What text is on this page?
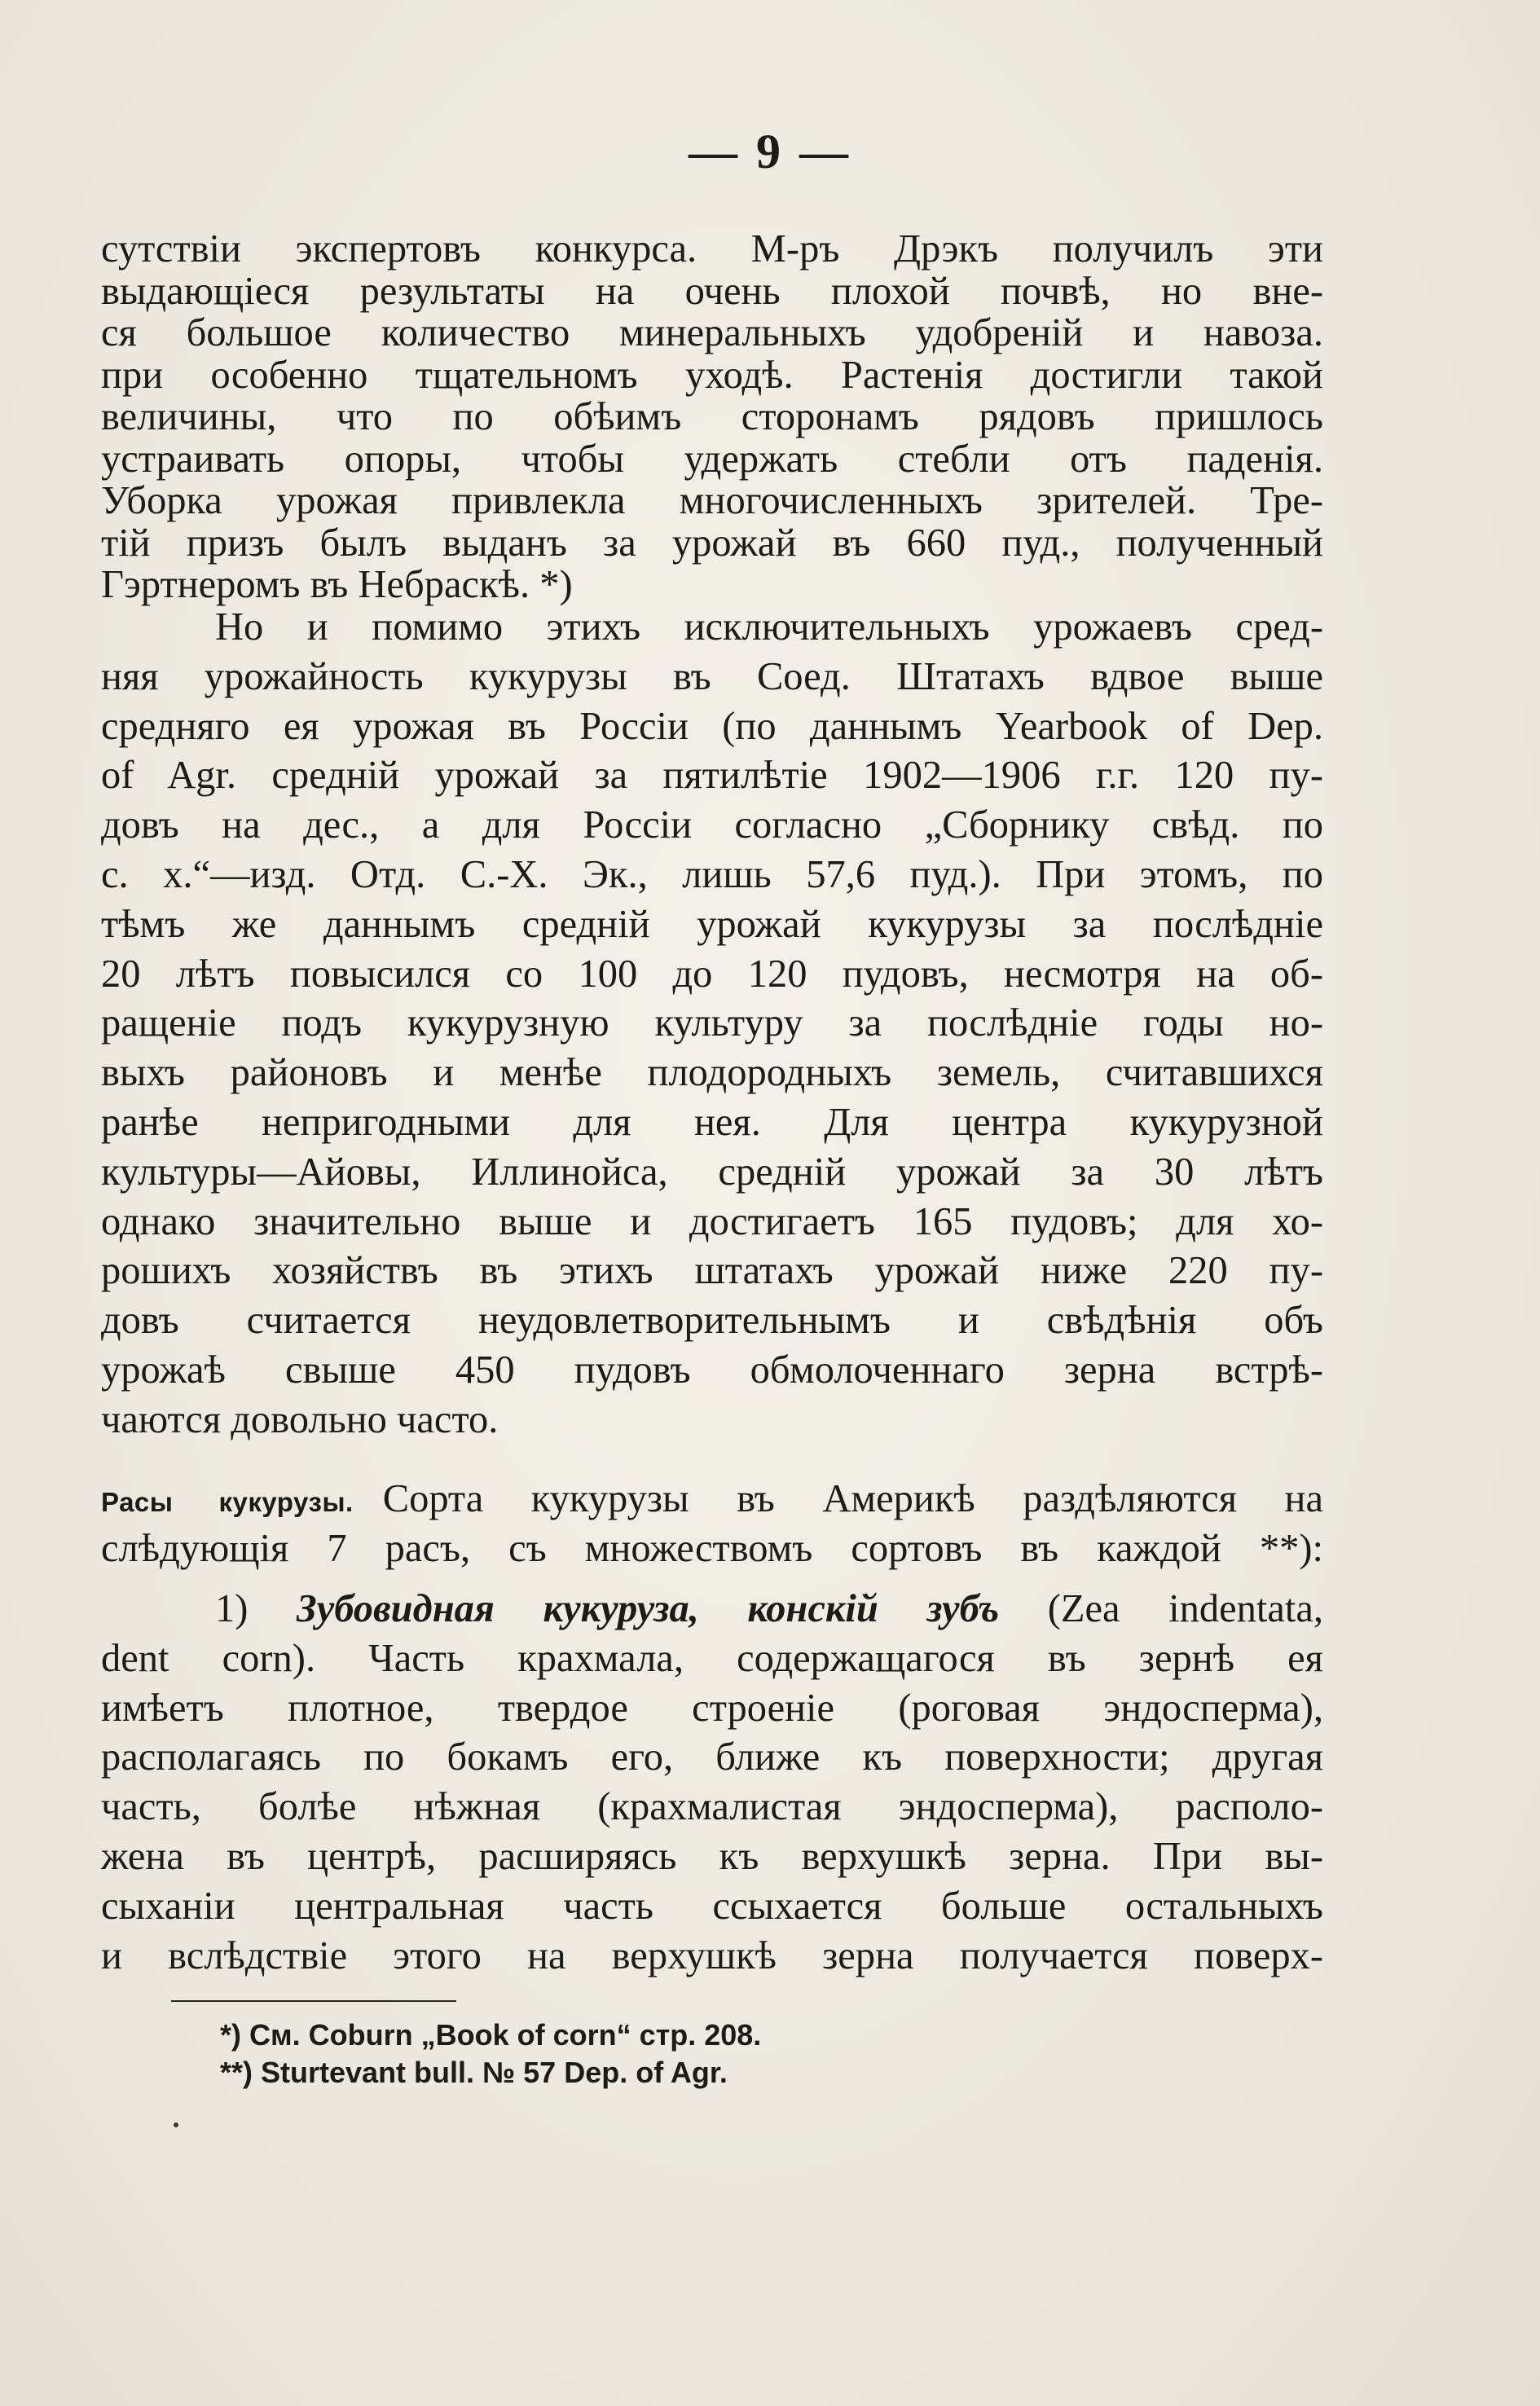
— 9 —
сутствіи экспертовъ конкурса. М-ръ Дрэкъ получилъ эти
выдающіеся результаты на очень плохой почвѣ, но вне-
ся большое количество минеральныхъ удобреній и навоза.
при особенно тщательномъ уходѣ. Растенія достигли такой
величины, что по обѣимъ сторонамъ рядовъ пришлось
устраивать опоры, чтобы удержать стебли отъ паденія.
Уборка урожая привлекла многочисленныхъ зрителей. Тре-
тій призъ былъ выданъ за урожай въ 660 пуд., полученный
Гэртнеромъ въ Небраскѣ. *)
Но и помимо этихъ исключительныхъ урожаевъ сред-
няя урожайность кукурузы въ Соед. Штатахъ вдвое выше
средняго ея урожая въ Россіи (по даннымъ Yearbook of Dep.
of Agr. средній урожай за пятилѣтіе 1902—1906 г.г. 120 пу-
довъ на дес., а для Россіи согласно „Сборнику свѣд. по
с. х.“—изд. Отд. С.-Х. Эк., лишь 57,6 пуд.). При этомъ, по
тѣмъ же даннымъ средній урожай кукурузы за послѣдніе
20 лѣтъ повысился со 100 до 120 пудовъ, несмотря на об-
ращеніе подъ кукурузную культуру за послѣдніе годы но-
выхъ районовъ и менѣе плодородныхъ земель, считавшихся
ранѣе непригодными для нея. Для центра кукурузной
культуры—Айовы, Иллинойса, средній урожай за 30 лѣтъ
однако значительно выше и достигаетъ 165 пудовъ; для хо-
рошихъ хозяйствъ въ этихъ штатахъ урожай ниже 220 пу-
довъ считается неудовлетворительнымъ и свѣдѣнія объ
урожаѣ свыше 450 пудовъ обмолоченнаго зерна встрѣ-
чаются довольно часто.
Расы кукурузы. Сорта кукурузы въ Америкѣ раздѣляются на
слѣдующія 7 расъ, съ множествомъ сортовъ въ каждой **):
1) Зубовидная кукуруза, конскій зубъ (Zea indentata,
dent corn). Часть крахмала, содержащагося въ зернѣ ея
имѣетъ плотное, твердое строеніе (роговая эндосперма),
располагаясь по бокамъ его, ближе къ поверхности; другая
часть, болѣе нѣжная (крахмалистая эндосперма), располо-
жена въ центрѣ, расширяясь къ верхушкѣ зерна. При вы-
сыханіи центральная часть ссыхается больше остальныхъ
и вслѣдствіе этого на верхушкѣ зерна получается поверх-
*) См. Coburn „Book of corn“ стр. 208.
**) Sturtevant bull. № 57 Dep. of Agr.
